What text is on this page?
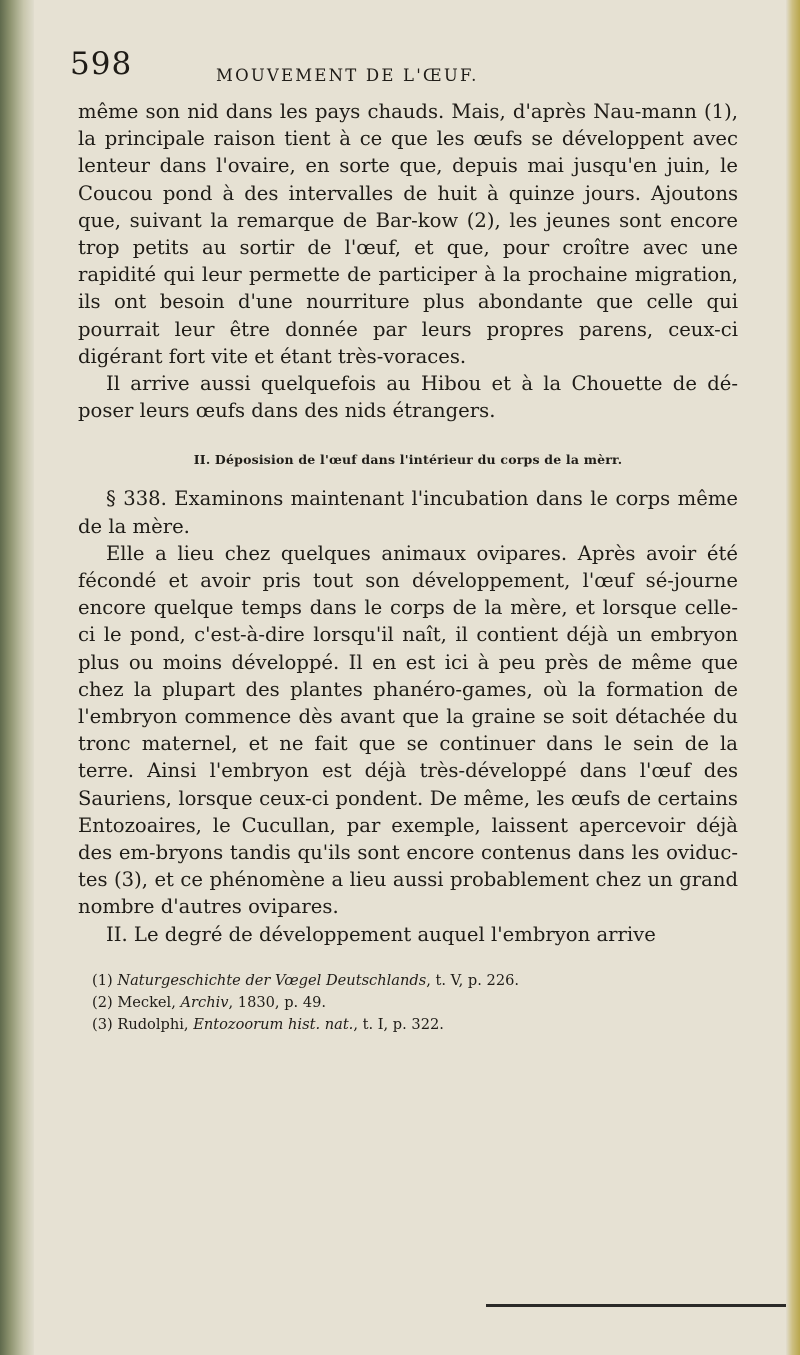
598	MOUVEMENT DE L'ŒUF.

même son nid dans les pays chauds. Mais, d'après Nau-mann (1), la principale raison tient à ce que les œufs se développent avec lenteur dans l'ovaire, en sorte que, depuis mai jusqu'en juin, le Coucou pond à des intervalles de huit à quinze jours. Ajoutons que, suivant la remarque de Bar-kow (2), les jeunes sont encore trop petits au sortir de l'œuf, et que, pour croître avec une rapidité qui leur permette de participer à la prochaine migration, ils ont besoin d'une nourriture plus abondante que celle qui pourrait leur être donnée par leurs propres parens, ceux-ci digérant fort vite et étant très-voraces.

Il arrive aussi quelquefois au Hibou et à la Chouette de dé-poser leurs œufs dans des nids étrangers.

II. Déposision de l'œuf dans l'intérieur du corps de la mèrr.

§ 338. Examinons maintenant l'incubation dans le corps même de la mère.

Elle a lieu chez quelques animaux ovipares. Après avoir été fécondé et avoir pris tout son développement, l'œuf sé-journe encore quelque temps dans le corps de la mère, et lorsque celle-ci le pond, c'est-à-dire lorsqu'il naît, il contient déjà un embryon plus ou moins développé. Il en est ici à peu près de même que chez la plupart des plantes phanéro-games, où la formation de l'embryon commence dès avant que la graine se soit détachée du tronc maternel, et ne fait que se continuer dans le sein de la terre. Ainsi l'embryon est déjà très-développé dans l'œuf des Sauriens, lorsque ceux-ci pondent. De même, les œufs de certains Entozoaires, le Cucullan, par exemple, laissent apercevoir déjà des em-bryons tandis qu'ils sont encore contenus dans les oviduc-tes (3), et ce phénomène a lieu aussi probablement chez un grand nombre d'autres ovipares.

II. Le degré de développement auquel l'embryon arrive

(1) Naturgeschichte der Vœgel Deutschlands, t. V, p. 226.

(2) Meckel, Archiv, 1830, p. 49.

(3) Rudolphi, Entozoorum hist. nat., t. I, p. 322.
